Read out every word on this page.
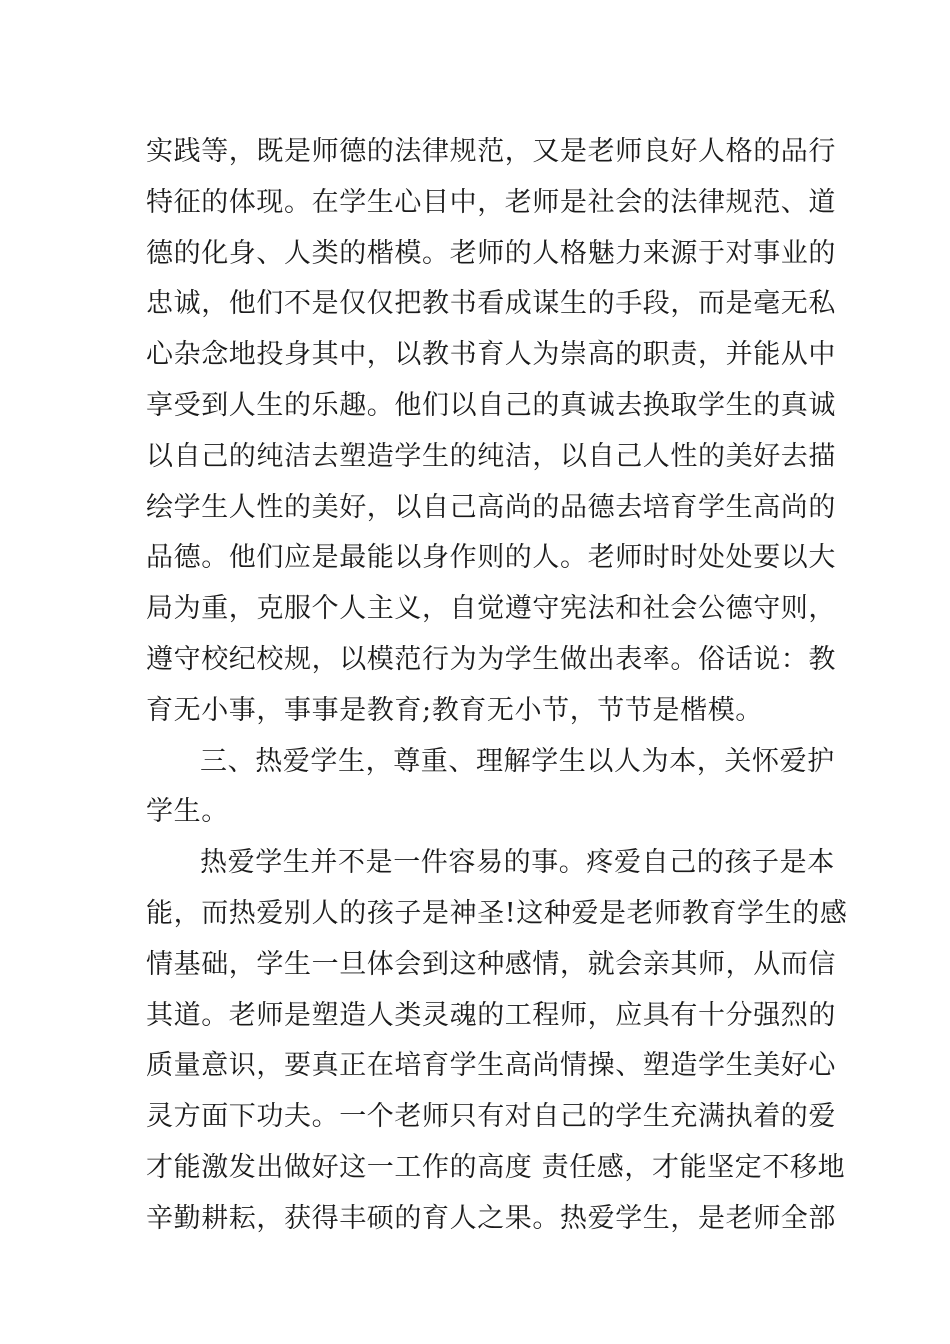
实践等，既是师德的法律规范，又是老师良好人格的品行
特征的体现。在学生心目中，老师是社会的法律规范、道
德的化身、人类的楷模。老师的人格魅力来源于对事业的
忠诚，他们不是仅仅把教书看成谋生的手段，而是毫无私
心杂念地投身其中，以教书育人为崇高的职责，并能从中
享受到人生的乐趣。他们以自己的真诚去换取学生的真诚
以自己的纯洁去塑造学生的纯洁，以自己人性的美好去描
绘学生人性的美好，以自己高尚的品德去培育学生高尚的
品德。他们应是最能以身作则的人。老师时时处处要以大
局为重，克服个人主义，自觉遵守宪法和社会公德守则，
遵守校纪校规，以模范行为为学生做出表率。俗话说：教
育无小事，事事是教育;教育无小节，节节是楷模。
三、热爱学生，尊重、理解学生以人为本，关怀爱护
学生。
热爱学生并不是一件容易的事。疼爱自己的孩子是本
能，而热爱别人的孩子是神圣!这种爱是老师教育学生的感
情基础，学生一旦体会到这种感情，就会亲其师，从而信
其道。老师是塑造人类灵魂的工程师，应具有十分强烈的
质量意识，要真正在培育学生高尚情操、塑造学生美好心
灵方面下功夫。一个老师只有对自己的学生充满执着的爱
才能激发出做好这一工作的高度 责任感，才能坚定不移地
辛勤耕耘，获得丰硕的育人之果。热爱学生，是老师全部
